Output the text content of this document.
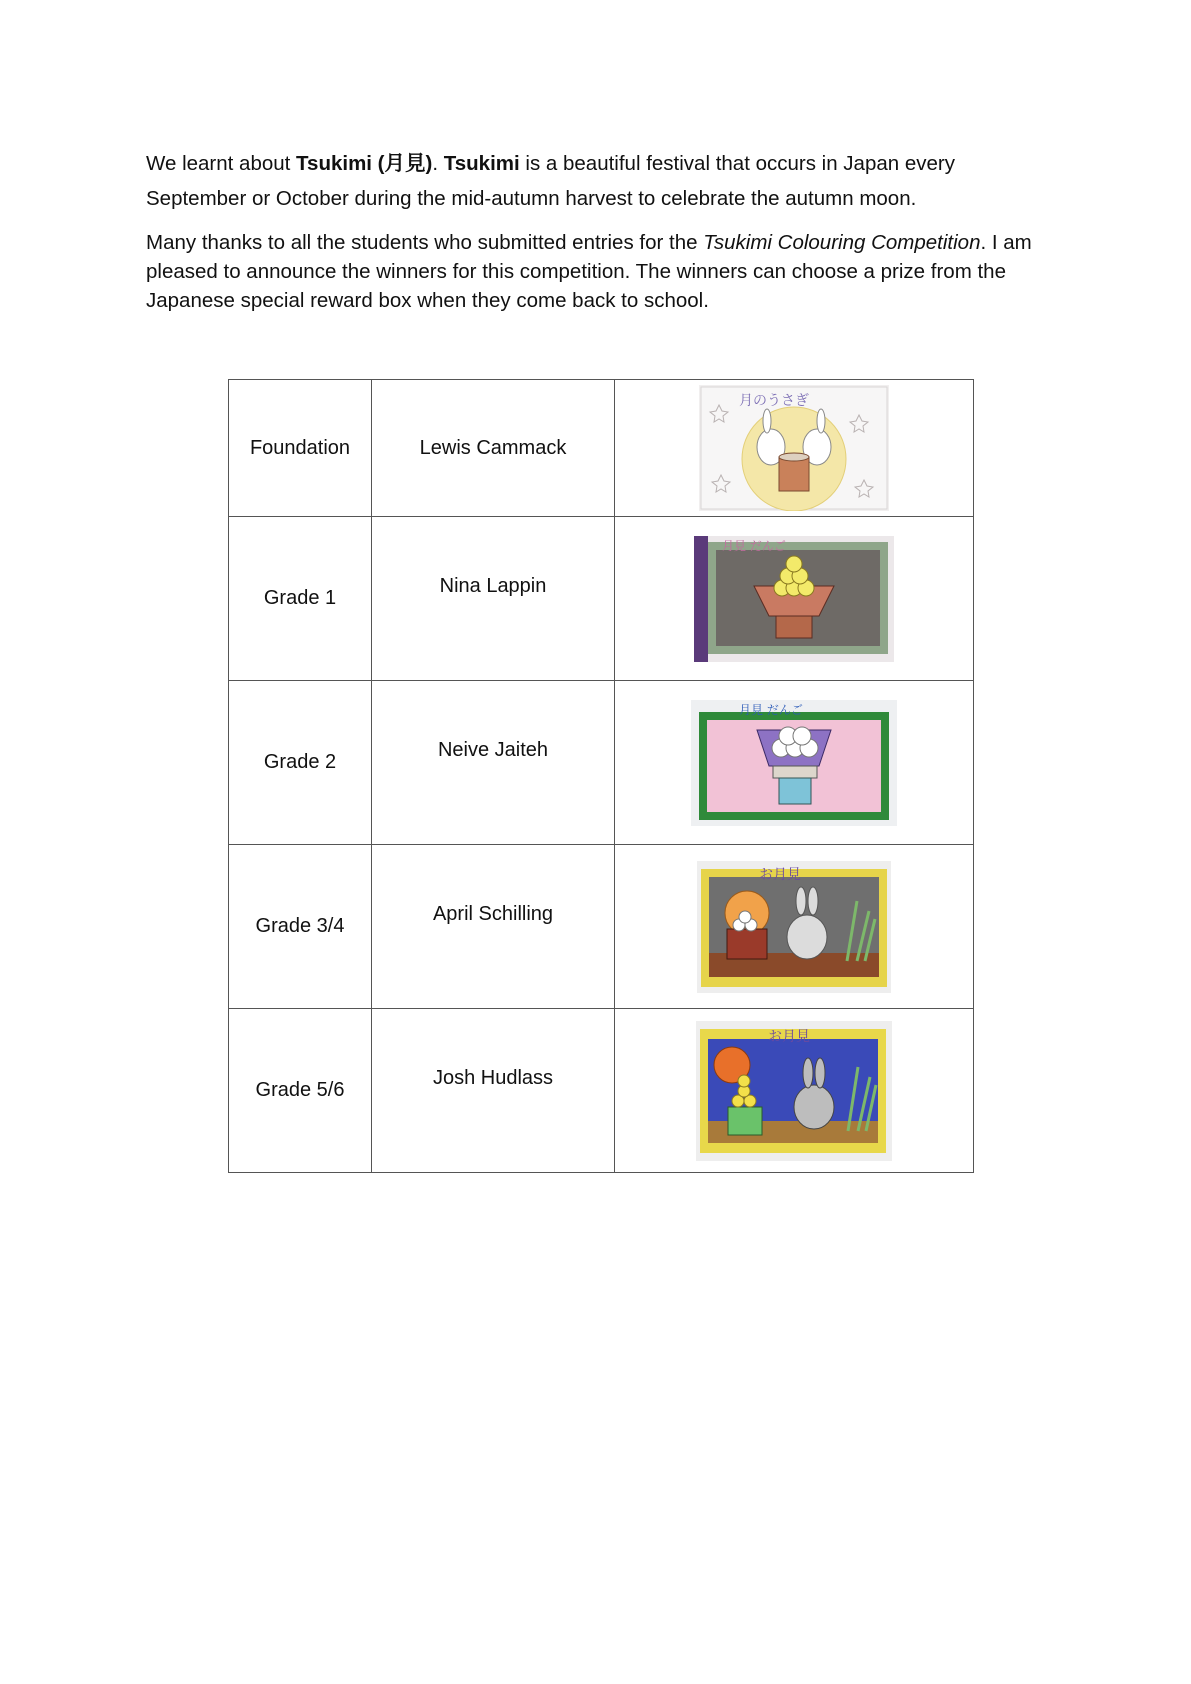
We learnt about Tsukimi (月見). Tsukimi is a beautiful festival that occurs in Japan every September or October during the mid-autumn harvest to celebrate the autumn moon.

Many thanks to all the students who submitted entries for the Tsukimi Colouring Competition. I am pleased to announce the winners for this competition. The winners can choose a prize from the Japanese special reward box when they come back to school.

Foundation	Lewis Cammack	月のうさぎ

Grade 1	Nina Lappin	月見 だんご

Grade 2	Neive Jaiteh	月見 だんご

Grade 3/4	April Schilling	お月見

Grade 5/6	Josh Hudlass	お月見
